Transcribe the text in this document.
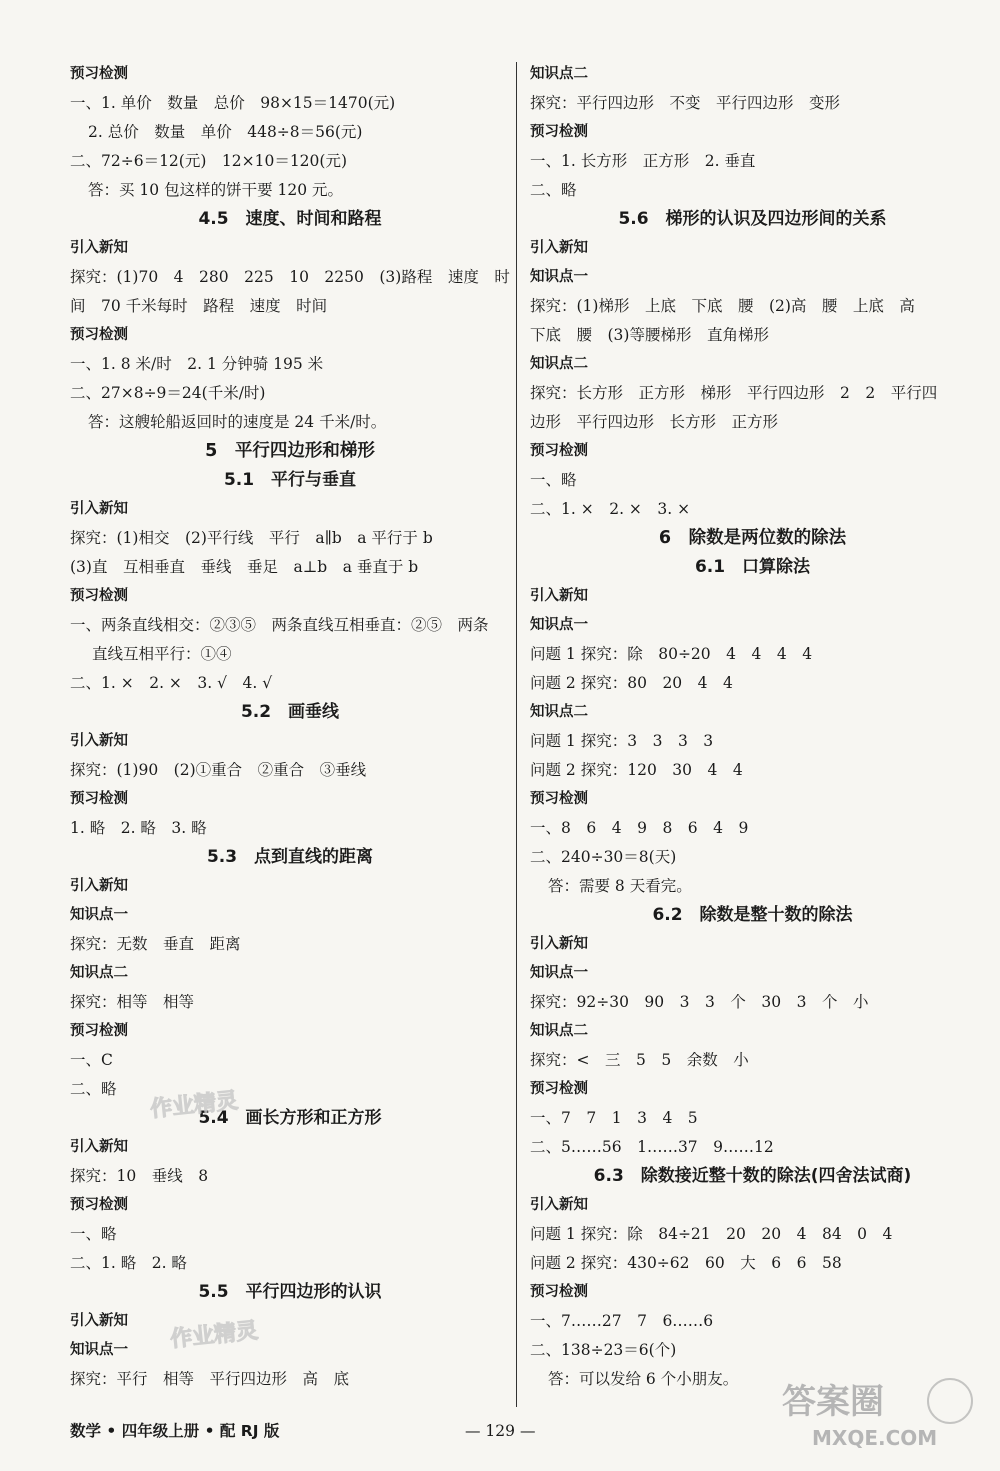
预习检测
一、1. 单价　数量　总价　98×15＝1470(元)
2. 总价　数量　单价　448÷8＝56(元)
二、72÷6＝12(元)　12×10＝120(元)
答：买 10 包这样的饼干要 120 元。
4.5　速度、时间和路程
引入新知
探究：(1)70　4　280　225　10　2250　(3)路程　速度　时
间　70 千米每时　路程　速度　时间
预习检测
一、1. 8 米/时　2. 1 分钟骑 195 米
二、27×8÷9＝24(千米/时)
答：这艘轮船返回时的速度是 24 千米/时。
5　平行四边形和梯形
5.1　平行与垂直
引入新知
探究：(1)相交　(2)平行线　平行　a∥b　a 平行于 b
(3)直　互相垂直　垂线　垂足　a⊥b　a 垂直于 b
预习检测
一、两条直线相交：②③⑤　两条直线互相垂直：②⑤　两条
直线互相平行：①④
二、1. ×　2. ×　3. √　4. √
5.2　画垂线
引入新知
探究：(1)90　(2)①重合　②重合　③垂线
预习检测
1. 略　2. 略　3. 略
5.3　点到直线的距离
引入新知
知识点一
探究：无数　垂直　距离
知识点二
探究：相等　相等
预习检测
一、C
二、略
5.4　画长方形和正方形
引入新知
探究：10　垂线　8
预习检测
一、略
二、1. 略　2. 略
5.5　平行四边形的认识
引入新知
知识点一
探究：平行　相等　平行四边形　高　底
知识点二
探究：平行四边形　不变　平行四边形　变形
预习检测
一、1. 长方形　正方形　2. 垂直
二、略
5.6　梯形的认识及四边形间的关系
引入新知
知识点一
探究：(1)梯形　上底　下底　腰　(2)高　腰　上底　高
下底　腰　(3)等腰梯形　直角梯形
知识点二
探究：长方形　正方形　梯形　平行四边形　2　2　平行四
边形　平行四边形　长方形　正方形
预习检测
一、略
二、1. ×　2. ×　3. ×
6　除数是两位数的除法
6.1　口算除法
引入新知
知识点一
问题 1 探究：除　80÷20　4　4　4　4
问题 2 探究：80　20　4　4
知识点二
问题 1 探究：3　3　3　3
问题 2 探究：120　30　4　4
预习检测
一、8　6　4　9　8　6　4　9
二、240÷30＝8(天)
答：需要 8 天看完。
6.2　除数是整十数的除法
引入新知
知识点一
探究：92÷30　90　3　3　个　30　3　个　小
知识点二
探究：<　三　5　5　余数　小
预习检测
一、7　7　1　3　4　5
二、5……56　1……37　9……12
6.3　除数接近整十数的除法(四舍法试商)
引入新知
问题 1 探究：除　84÷21　20　20　4　84　0　4
问题 2 探究：430÷62　60　大　6　6　58
预习检测
一、7……27　7　6……6
二、138÷23＝6(个)
答：可以发给 6 个小朋友。
作业精灵
作业精灵
数学 • 四年级上册 • 配 RJ 版	— 129 —
答案圈
MXQE.COM
